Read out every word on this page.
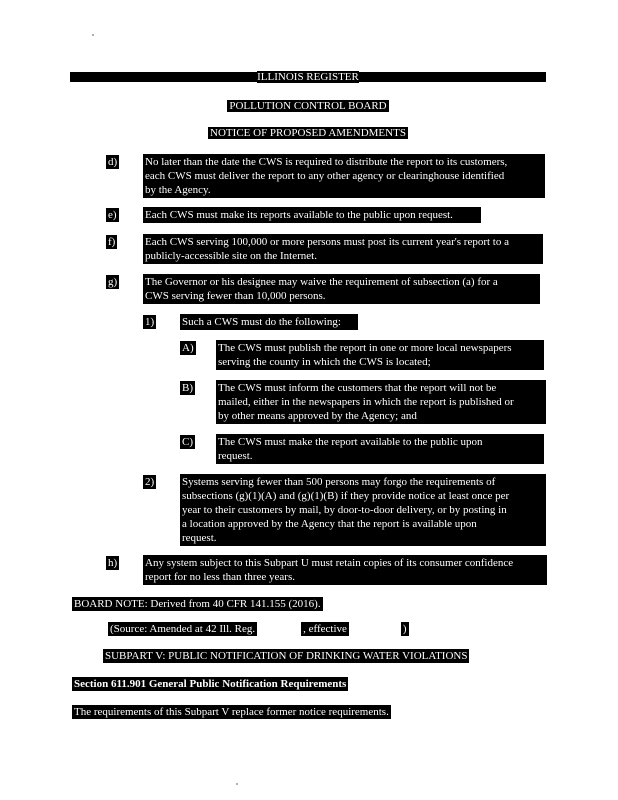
ILLINOIS REGISTER
POLLUTION CONTROL BOARD
NOTICE OF PROPOSED AMENDMENTS
d)	No later than the date the CWS is required to distribute the report to its customers,
each CWS must deliver the report to any other agency or clearinghouse identified
by the Agency.
e)	Each CWS must make its reports available to the public upon request.
f)	Each CWS serving 100,000 or more persons must post its current year's report to a
publicly-accessible site on the Internet.
g)	The Governor or his designee may waive the requirement of subsection (a) for a
CWS serving fewer than 10,000 persons.
1)	Such a CWS must do the following:
A) The CWS must publish the report in one or more local newspapers
serving the county in which the CWS is located;
B) The CWS must inform the customers that the report will not be
mailed, either in the newspapers in which the report is published or
by other means approved by the Agency; and
C) The CWS must make the report available to the public upon
request.
2)	Systems serving fewer than 500 persons may forgo the requirements of
subsections (g)(1)(A) and (g)(1)(B) if they provide notice at least once per
year to their customers by mail, by door-to-door delivery, or by posting in
a location approved by the Agency that the report is available upon
request.
h)	Any system subject to this Subpart U must retain copies of its consumer confidence
report for no less than three years.
BOARD NOTE: Derived from 40 CFR 141.155 (2016).
(Source: Amended at 42 Ill. Reg.	, effective	)
SUBPART V: PUBLIC NOTIFICATION OF DRINKING WATER VIOLATIONS
Section 611.901 General Public Notification Requirements
The requirements of this Subpart V replace former notice requirements.
